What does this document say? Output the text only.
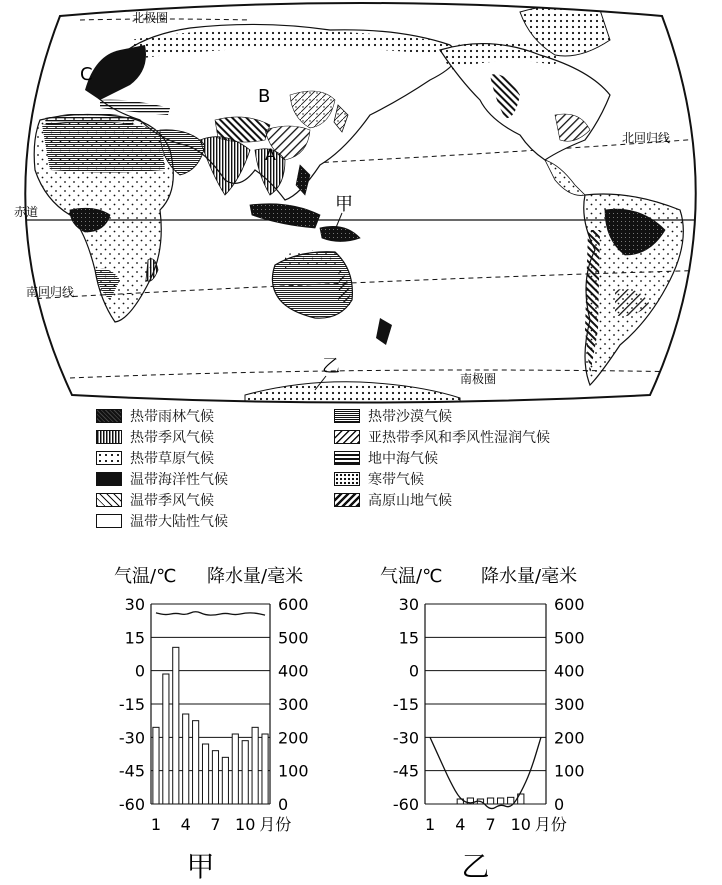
北极圈
北回归线
赤道
南回归线
南极圈
A
B
C
甲
乙
热带雨林气候
热带季风气候
热带草原气候
温带海洋性气候
温带季风气候
温带大陆性气候
热带沙漠气候
亚热带季风和季风性湿润气候
地中海气候
寒带气候
高原山地气候
气温/℃ 降水量/毫米
30	600
15	500
0	400
-15	300
-30	200
-45	100
-60	0
1 4 7 10 月份
甲
气温/℃ 降水量/毫米
30	600
15	500
0	400
-15	300
-30	200
-45	100
-60	0
1 4 7 10 月份
乙
